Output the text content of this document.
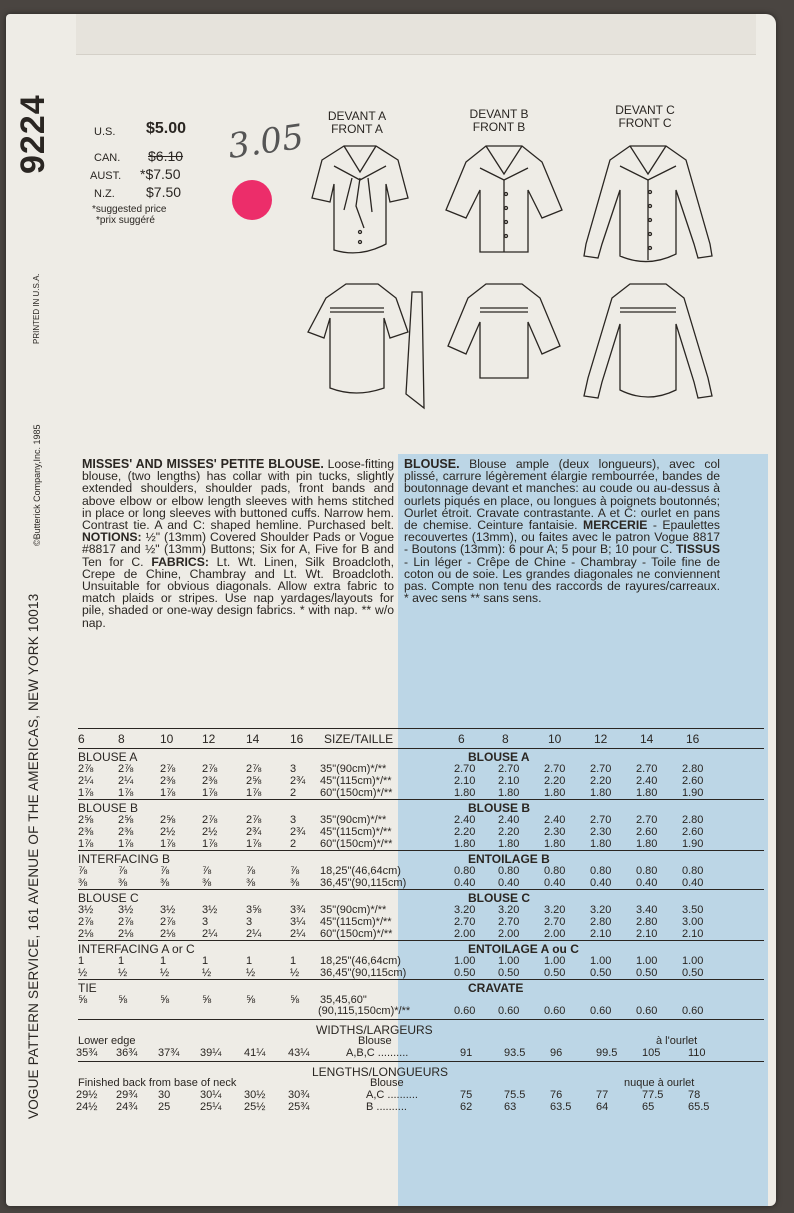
9224
PRINTED IN U.S.A.
©Butterick Company,Inc. 1985
VOGUE PATTERN SERVICE, 161 AVENUE OF THE AMERICAS, NEW YORK 10013
U.S. $5.00
CAN. $6.10
AUST. *$7.50
N.Z. $7.50
*suggested price
*prix suggéré
3.05
DEVANT A
FRONT A
DEVANT B
FRONT B
DEVANT C
FRONT C

MISSES' AND MISSES' PETITE BLOUSE. Loose-fitting blouse, (two lengths) has collar with pin tucks, slightly extended shoulders, shoulder pads, front bands and above elbow or elbow length sleeves with hems stitched in place or long sleeves with buttoned cuffs. Narrow hem. Contrast tie. A and C: shaped hemline. Purchased belt. NOTIONS: ½" (13mm) Covered Shoulder Pads or Vogue #8817 and ½" (13mm) Buttons; Six for A, Five for B and Ten for C. FABRICS: Lt. Wt. Linen, Silk Broadcloth, Crepe de Chine, Chambray and Lt. Wt. Broadcloth. Unsuitable for obvious diagonals. Allow extra fabric to match plaids or stripes. Use nap yardages/layouts for pile, shaded or one-way design fabrics. * with nap. ** w/o nap.

BLOUSE. Blouse ample (deux longueurs), avec col plissé, carrure légèrement élargie rembourrée, bandes de boutonnage devant et manches: au coude ou au-dessus à ourlets piqués en place, ou longues à poignets boutonnés; Ourlet étroit. Cravate contrastante. A et C: ourlet en pans de chemise. Ceinture fantaisie. MERCERIE - Epaulettes recouvertes (13mm), ou faites avec le patron Vogue 8817 - Boutons (13mm): 6 pour A; 5 pour B; 10 pour C. TISSUS - Lin léger - Crêpe de Chine - Chambray - Toile fine de coton ou de soie. Les grandes diagonales ne conviennent pas. Compte non tenu des raccords de rayures/carreaux. * avec sens ** sans sens.

6	6
8	8
10	10
12	12
14	14
16	16
SIZE/TAILLE
BLOUSE A	BLOUSE A
2⅞ 2⅞ 2⅞ 2⅞	2⅞	3 35"(90cm)*/**	2.70 2.70 2.70 2.70 2.70 2.80
2¼ 2¼ 2⅜ 2⅜	2⅝	2¾ 45"(115cm)*/**	2.10 2.10 2.20 2.20 2.40 2.60
1⅞ 1⅞ 1⅞ 1⅞	1⅞	2 60"(150cm)*/**	1.80 1.80 1.80 1.80 1.80 1.90
BLOUSE B	BLOUSE B
2⅝ 2⅝ 2⅝ 2⅞	2⅞	3 35"(90cm)*/**	2.40 2.40 2.40 2.70 2.70 2.80
2⅜ 2⅜ 2½ 2½	2¾	2¾ 45"(115cm)*/**	2.20 2.20 2.30 2.30 2.60 2.60
1⅞ 1⅞ 1⅞ 1⅞	1⅞	2 60"(150cm)*/**	1.80 1.80 1.80 1.80 1.80 1.90
INTERFACING B	ENTOILAGE B
⅞	⅞	⅞	⅞	⅞	⅞ 18,25"(46,64cm)	0.80 0.80 0.80 0.80 0.80 0.80
⅜	⅜	⅜	⅜	⅜	⅜ 36,45"(90,115cm)	0.40 0.40 0.40 0.40 0.40 0.40
BLOUSE C	BLOUSE C
3½ 3½ 3½ 3½	3⅝	3¾ 35"(90cm)*/**	3.20 3.20 3.20 3.20 3.40 3.50
2⅞ 2⅞ 2⅞ 3	3	3¼ 45"(115cm)*/**	2.70 2.70 2.70 2.80 2.80 3.00
2⅛ 2⅛ 2⅛ 2¼	2¼	2¼ 60"(150cm)*/**	2.00 2.00 2.00 2.10 2.10 2.10
INTERFACING A or C	ENTOILAGE A ou C
1	1	1	1	1	1 18,25"(46,64cm)	1.00 1.00 1.00 1.00 1.00 1.00
½	½	½	½	½	½ 36,45"(90,115cm)	0.50 0.50 0.50 0.50 0.50 0.50
TIE	CRAVATE
⅝	⅝	⅝	⅝	⅝	⅝ 35,45,60"
(90,115,150cm)*/**	0.60 0.60 0.60 0.60 0.60 0.60
WIDTHS/LARGEURS
Lower edge	Blouse	à l'ourlet
35¾ 36¾ 37¾ 39¼ 41¼ 43¼	A,B,C ..........	91	93.5 96	99.5 105	110
LENGTHS/LONGUEURS
Finished back from base of neck	Blouse	nuque à ourlet
29½ 29¾ 30	30¼ 30½ 30¾	A,C ..........	75	75.5 76	77	77.5 78
24½ 24¾ 25	25¼ 25½ 25¾	B ..........	62	63	63.5 64	65	65.5
